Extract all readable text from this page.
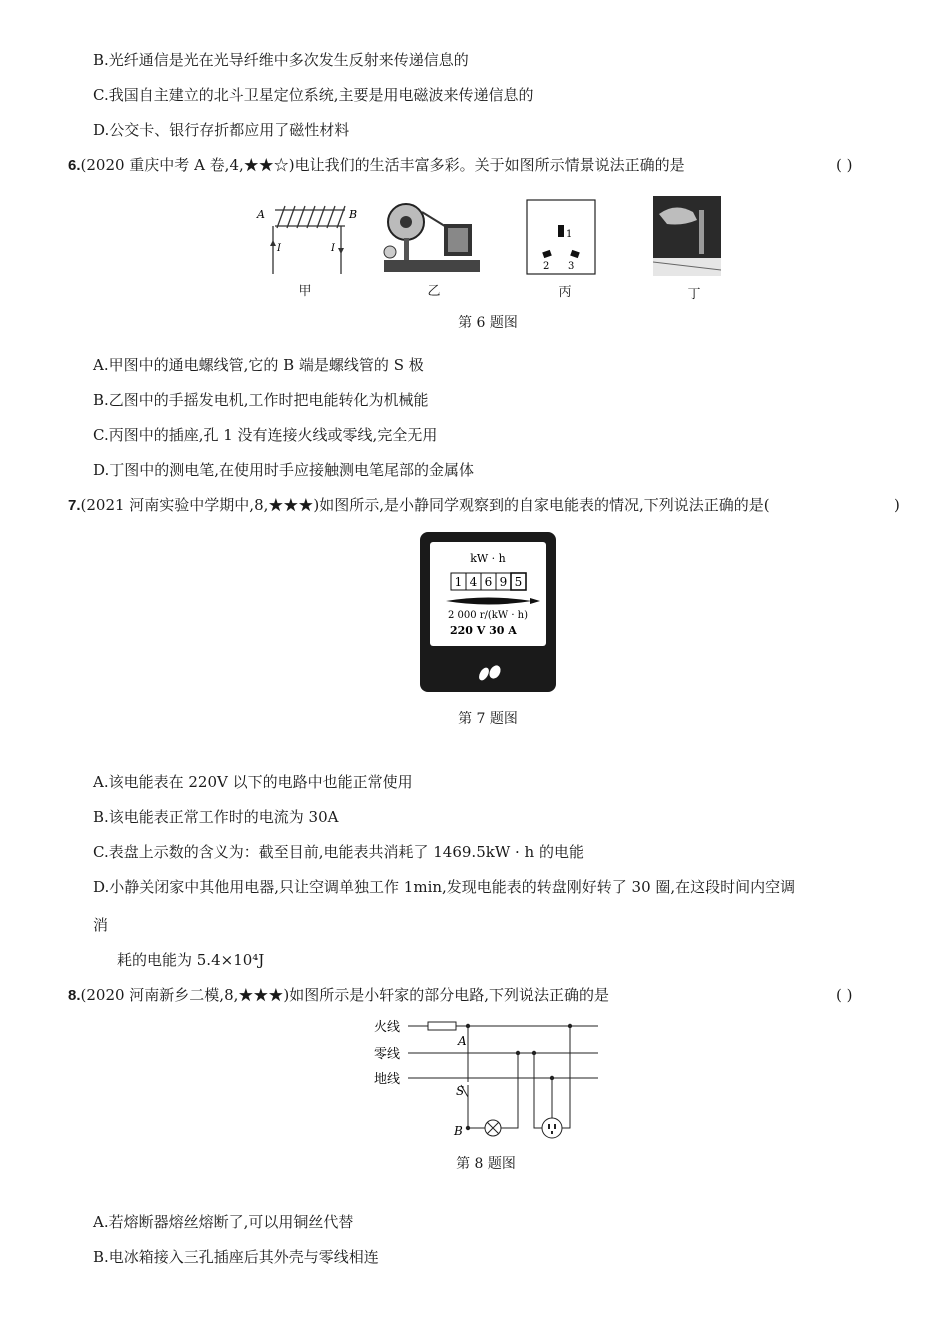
B.光纤通信是光在光导纤维中多次发生反射来传递信息的
C.我国自主建立的北斗卫星定位系统,主要是用电磁波来传递信息的
D.公交卡、银行存折都应用了磁性材料
6.(2020 重庆中考 A 卷,4,★★☆)电让我们的生活丰富多彩。关于如图所示情景说法正确的是	( )
A	B
I	I
甲	乙
1
2 3
丙	丁
第 6 题图
A.甲图中的通电螺线管,它的 B 端是螺线管的 S 极
B.乙图中的手摇发电机,工作时把电能转化为机械能
C.丙图中的插座,孔 1 没有连接火线或零线,完全无用
D.丁图中的测电笔,在使用时手应接触测电笔尾部的金属体
7.(2021 河南实验中学期中,8,★★★)如图所示,是小静同学观察到的自家电能表的情况,下列说法正确的是(	)
kW · h
1 4 6 9 5
2 000 r/(kW · h)
220 V 30 A
第 7 题图
A.该电能表在 220V 以下的电路中也能正常使用
B.该电能表正常工作时的电流为 30A
C.表盘上示数的含义为：截至目前,电能表共消耗了 1469.5kW · h 的电能
D.小静关闭家中其他用电器,只让空调单独工作 1min,发现电能表的转盘刚好转了 30 圈,在这段时间内空调
消
耗的电能为 5.4×10⁴J
8.(2020 河南新乡二模,8,★★★)如图所示是小轩家的部分电路,下列说法正确的是	( )
火线
零线
地线
A
S
B
第 8 题图
A.若熔断器熔丝熔断了,可以用铜丝代替
B.电冰箱接入三孔插座后其外壳与零线相连
